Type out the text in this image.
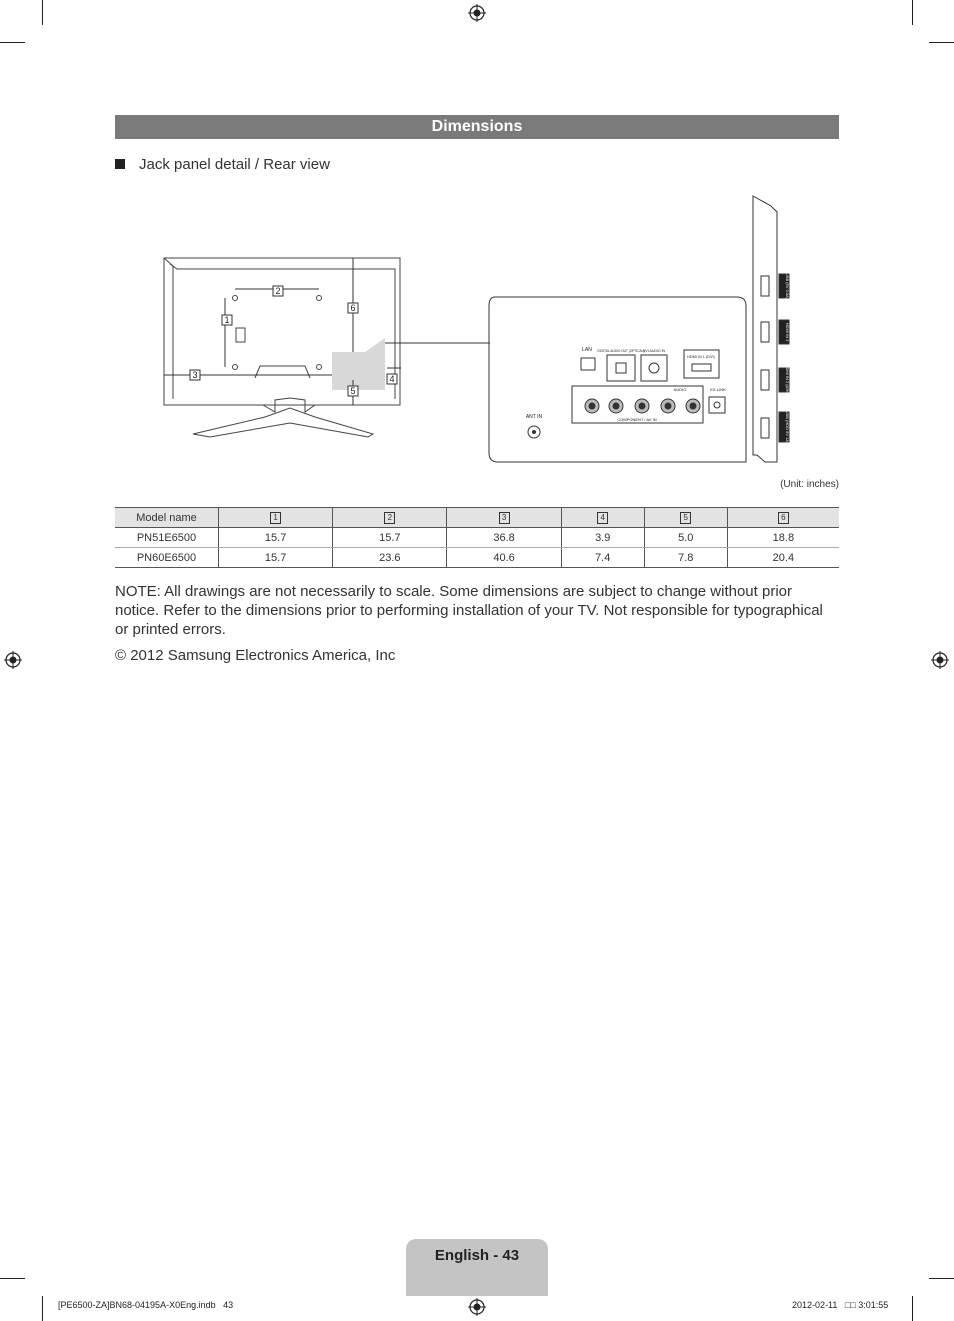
Dimensions
Jack panel detail / Rear view
1
2
3	4
5
6
LAN DIGITAL AUDIO OUT (OPTICAL)
DVI AUDIO IN
HDMI IN 1 (DVI)
COMPONENT / AV IN
AUDIO	EX-LINK
ANT IN
USB (5V 0.5A)
HDMI IN 3
HDMI IN 2 (ARC)
USB (HDD 5V 1A)
(Unit: inches)
Model name	1	2	3	4	5	6
PN51E6500	15.7	15.7	36.8	3.9	5.0	18.8
PN60E6500	15.7	23.6	40.6	7.4	7.8	20.4
NOTE: All drawings are not necessarily to scale. Some dimensions are subject to change without prior notice. Refer to the dimensions prior to performing installation of your TV. Not responsible for typographical or printed errors.
© 2012 Samsung Electronics America, Inc
English - 43
[PE6500-ZA]BN68-04195A-X0Eng.indb   43	2012-02-11   □□ 3:01:55
